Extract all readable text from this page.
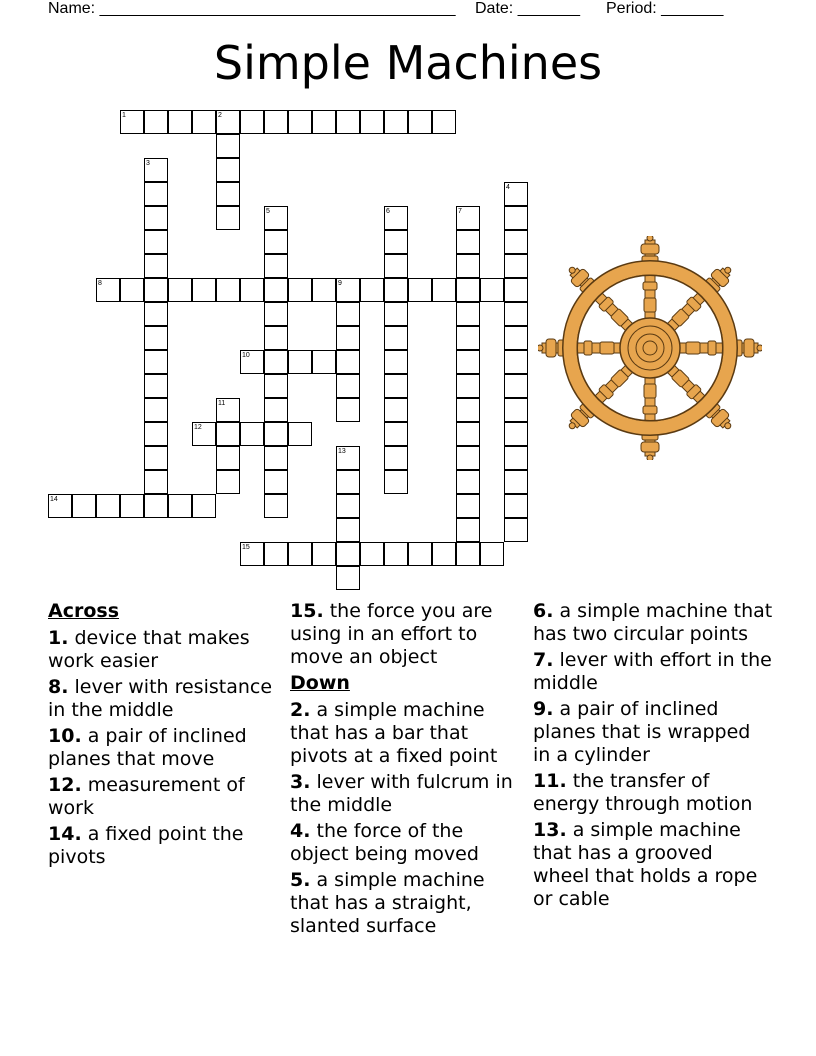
Name: ________________________________________ Date: _______ Period: _______
Simple Machines
1	2
3
4
5	6	7
8	9
10
11
12
13
14
15
Across
1. device that makes work easier
8. lever with resistance in the middle
10. a pair of inclined planes that move
12. measurement of work
14. a fixed point the pivots
15. the force you are using in an effort to move an object
Down
2. a simple machine that has a bar that pivots at a fixed point
3. lever with fulcrum in the middle
4. the force of the object being moved
5. a simple machine that has a straight, slanted surface
6. a simple machine that has two circular points
7. lever with effort in the middle
9. a pair of inclined planes that is wrapped in a cylinder
11. the transfer of energy through motion
13. a simple machine that has a grooved wheel that holds a rope or cable
